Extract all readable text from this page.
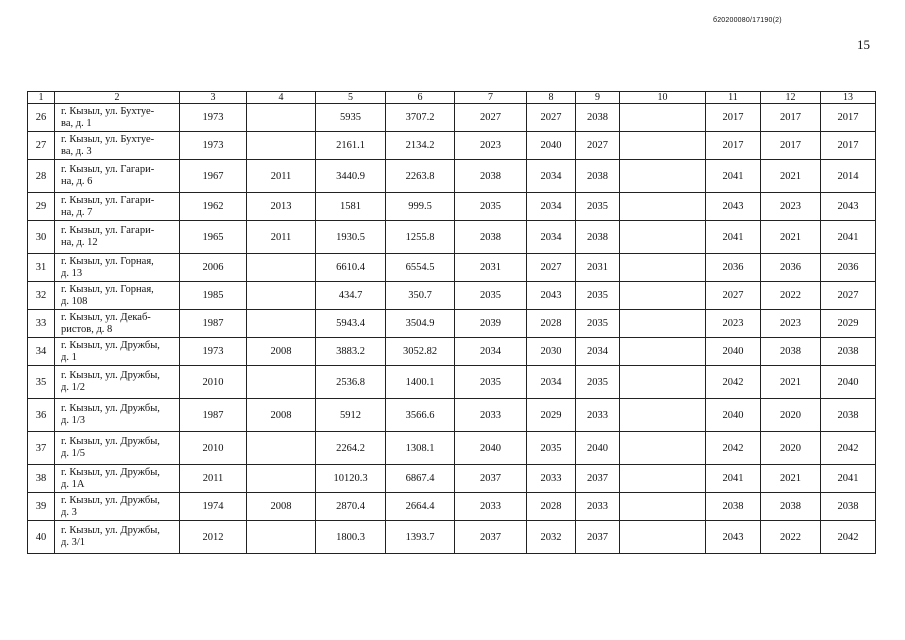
б20200080/17190(2)
15
1	2	3	4	5	6	7	8	9	10	11	12	13
26	г. Кызыл, ул. Бухтуе-
ва, д. 1	1973		5935	3707.2	2027	2027	2038		2017	2017	2017
27	г. Кызыл, ул. Бухтуе-
ва, д. 3	1973		2161.1	2134.2	2023	2040	2027		2017	2017	2017
28	г. Кызыл, ул. Гагари-
на, д. 6	1967	2011	3440.9	2263.8	2038	2034	2038		2041	2021	2014
29	г. Кызыл, ул. Гагари-
на, д. 7	1962	2013	1581	999.5	2035	2034	2035		2043	2023	2043
30	г. Кызыл, ул. Гагари-
на, д. 12	1965	2011	1930.5	1255.8	2038	2034	2038		2041	2021	2041
31	г. Кызыл, ул. Горная,
д. 13	2006		6610.4	6554.5	2031	2027	2031		2036	2036	2036
32	г. Кызыл, ул. Горная,
д. 108	1985		434.7	350.7	2035	2043	2035		2027	2022	2027
33	г. Кызыл, ул. Декаб-
ристов, д. 8	1987		5943.4	3504.9	2039	2028	2035		2023	2023	2029
34	г. Кызыл, ул. Дружбы,
д. 1	1973	2008	3883.2	3052.82	2034	2030	2034		2040	2038	2038
35	г. Кызыл, ул. Дружбы,
д. 1/2	2010		2536.8	1400.1	2035	2034	2035		2042	2021	2040
36	г. Кызыл, ул. Дружбы,
д. 1/3	1987	2008	5912	3566.6	2033	2029	2033		2040	2020	2038
37	г. Кызыл, ул. Дружбы,
д. 1/5	2010		2264.2	1308.1	2040	2035	2040		2042	2020	2042
38	г. Кызыл, ул. Дружбы,
д. 1А	2011		10120.3	6867.4	2037	2033	2037		2041	2021	2041
39	г. Кызыл, ул. Дружбы,
д. 3	1974	2008	2870.4	2664.4	2033	2028	2033		2038	2038	2038
40	г. Кызыл, ул. Дружбы,
д. 3/1	2012		1800.3	1393.7	2037	2032	2037		2043	2022	2042
